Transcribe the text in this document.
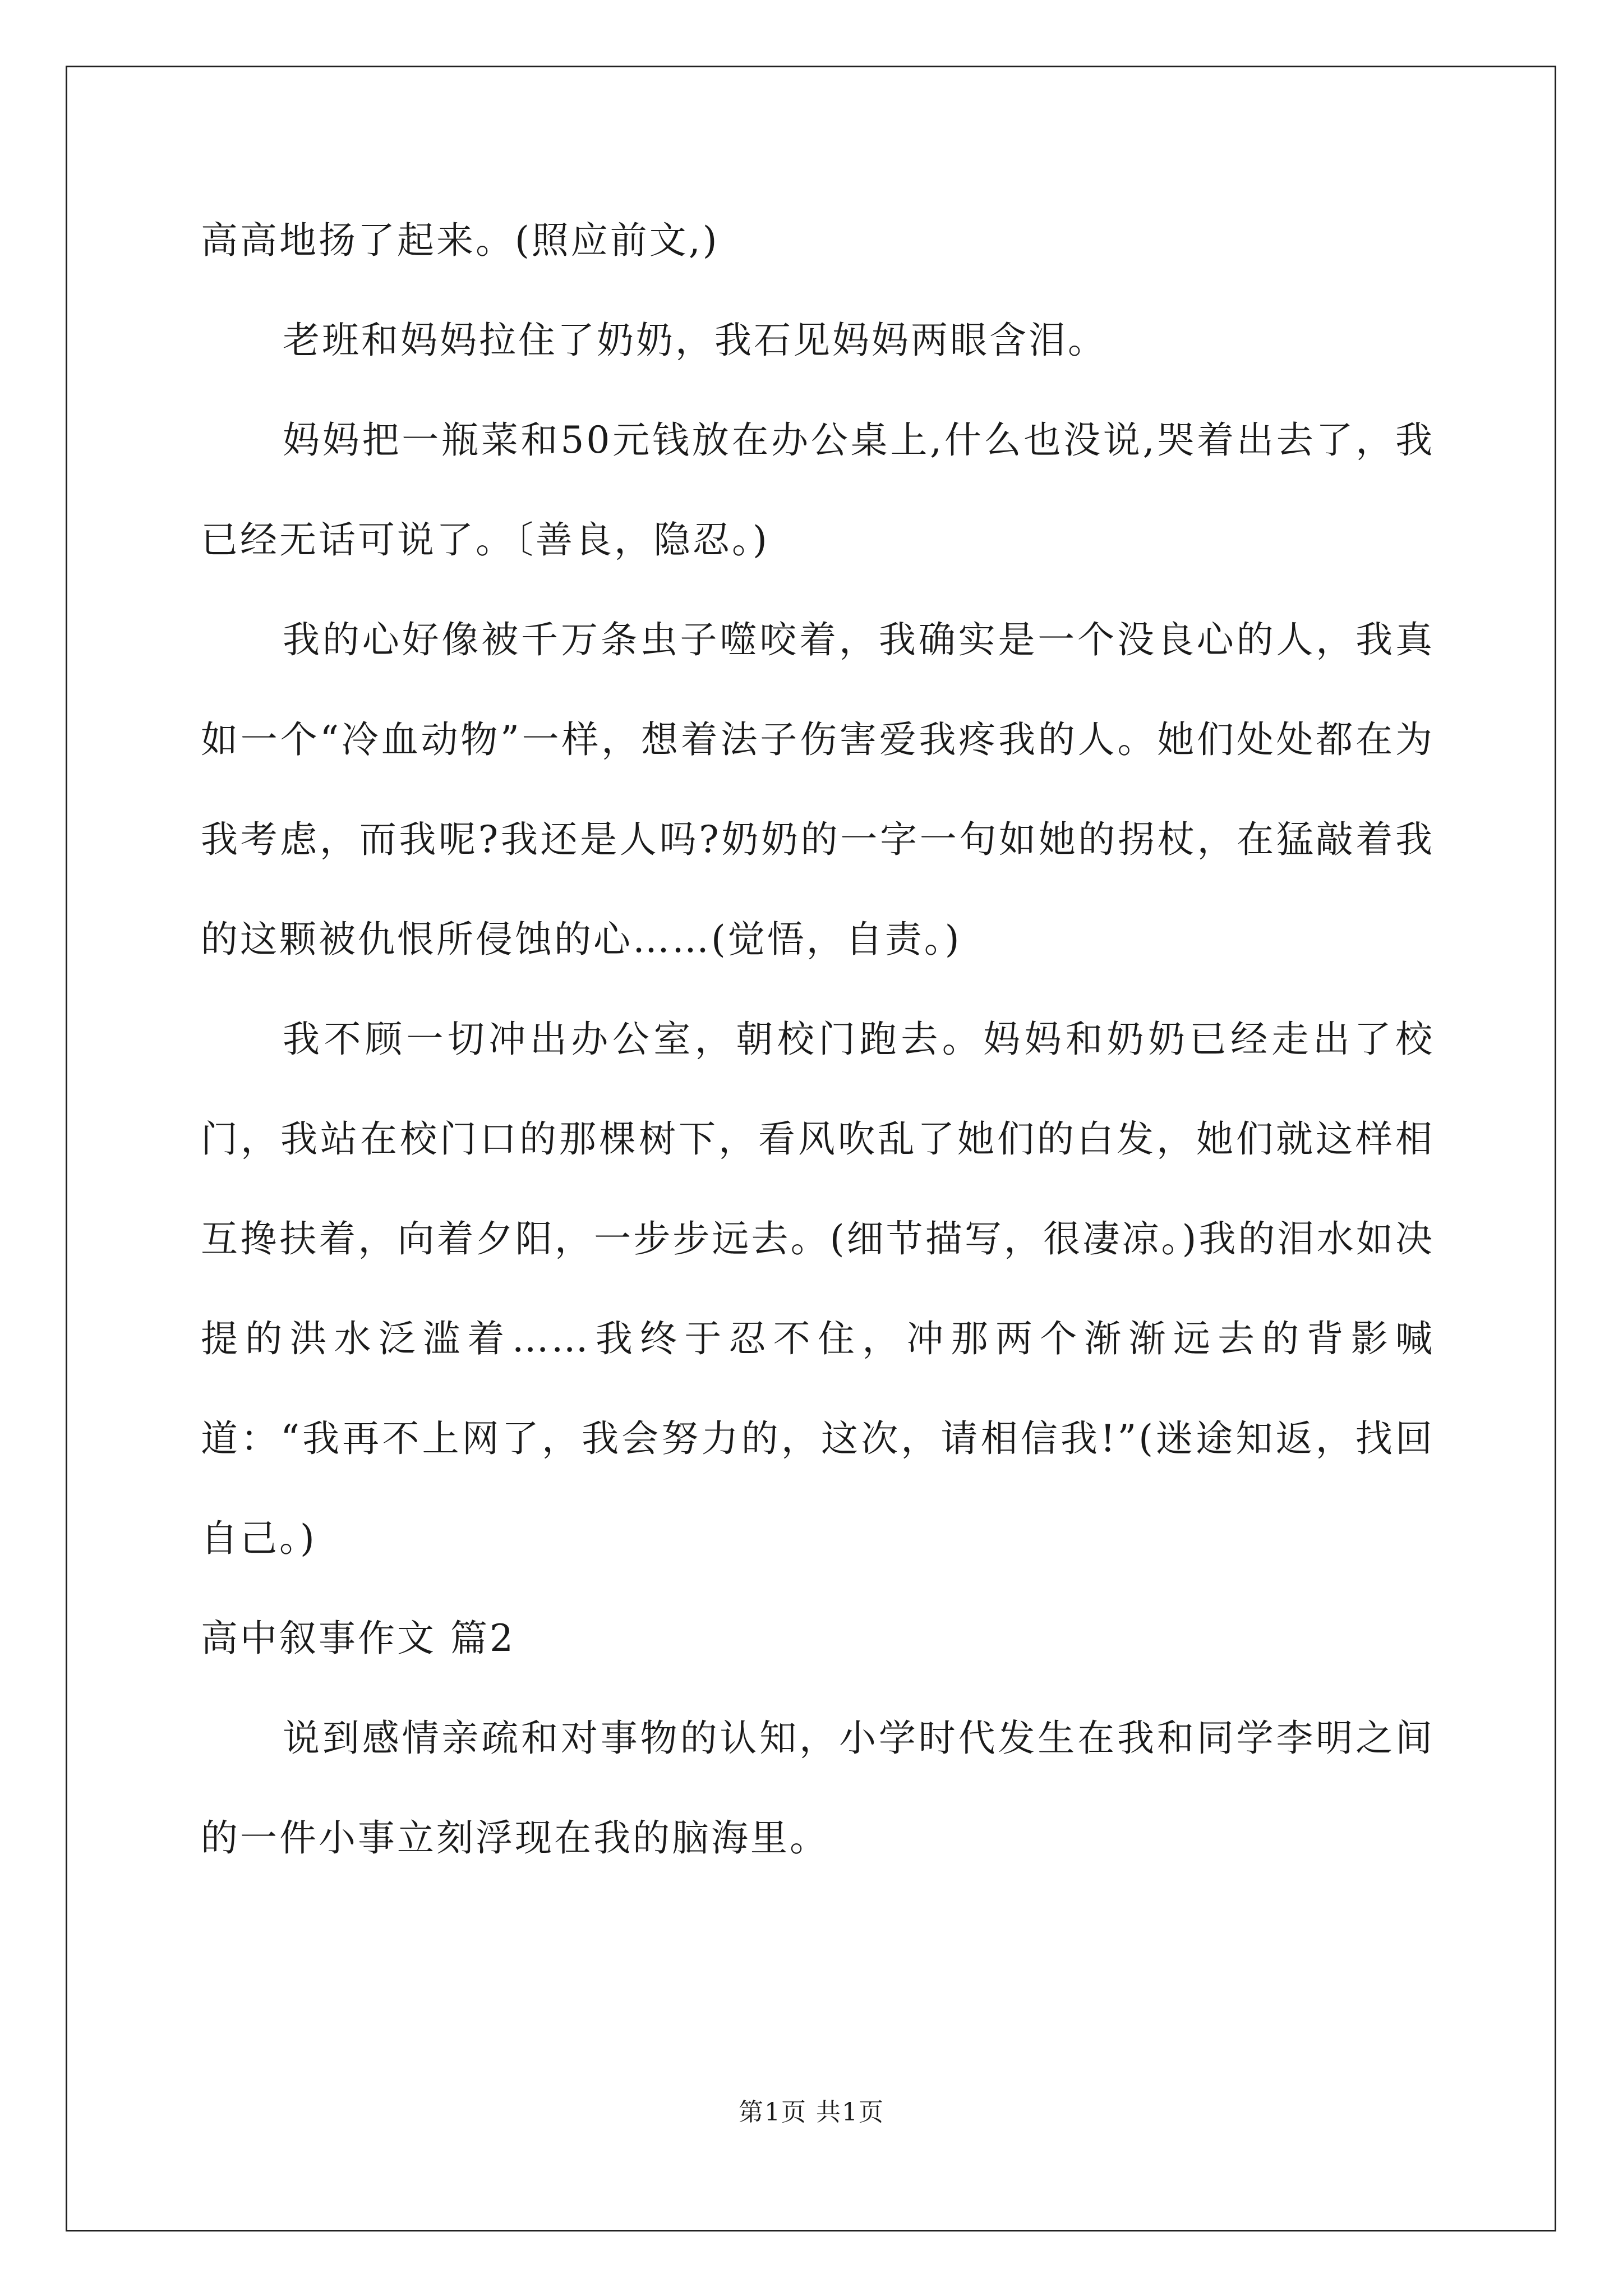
高高地扬了起来。(照应前文,)

老班和妈妈拉住了奶奶，我石见妈妈两眼含泪。

妈妈把一瓶菜和50元钱放在办公桌上,什么也没说,哭着出去了，我已经无话可说了。〔善良，隐忍。)

我的心好像被千万条虫子噬咬着，我确实是一个没良心的人，我真如一个“冷血动物”一样，想着法子伤害爱我疼我的人。她们处处都在为我考虑，而我呢?我还是人吗?奶奶的一字一句如她的拐杖，在猛敲着我的这颗被仇恨所侵蚀的心……(觉悟，自责。)

我不顾一切冲出办公室，朝校门跑去。妈妈和奶奶已经走出了校门，我站在校门口的那棵树下，看风吹乱了她们的白发，她们就这样相互搀扶着，向着夕阳，一步步远去。(细节描写，很凄凉。)我的泪水如决提的洪水泛滥着……我终于忍不住，冲那两个渐渐远去的背影喊道：“我再不上网了，我会努力的，这次，请相信我!”(迷途知返，找回自己。)

高中叙事作文 篇2

说到感情亲疏和对事物的认知，小学时代发生在我和同学李明之间的一件小事立刻浮现在我的脑海里。

第1页 共1页
